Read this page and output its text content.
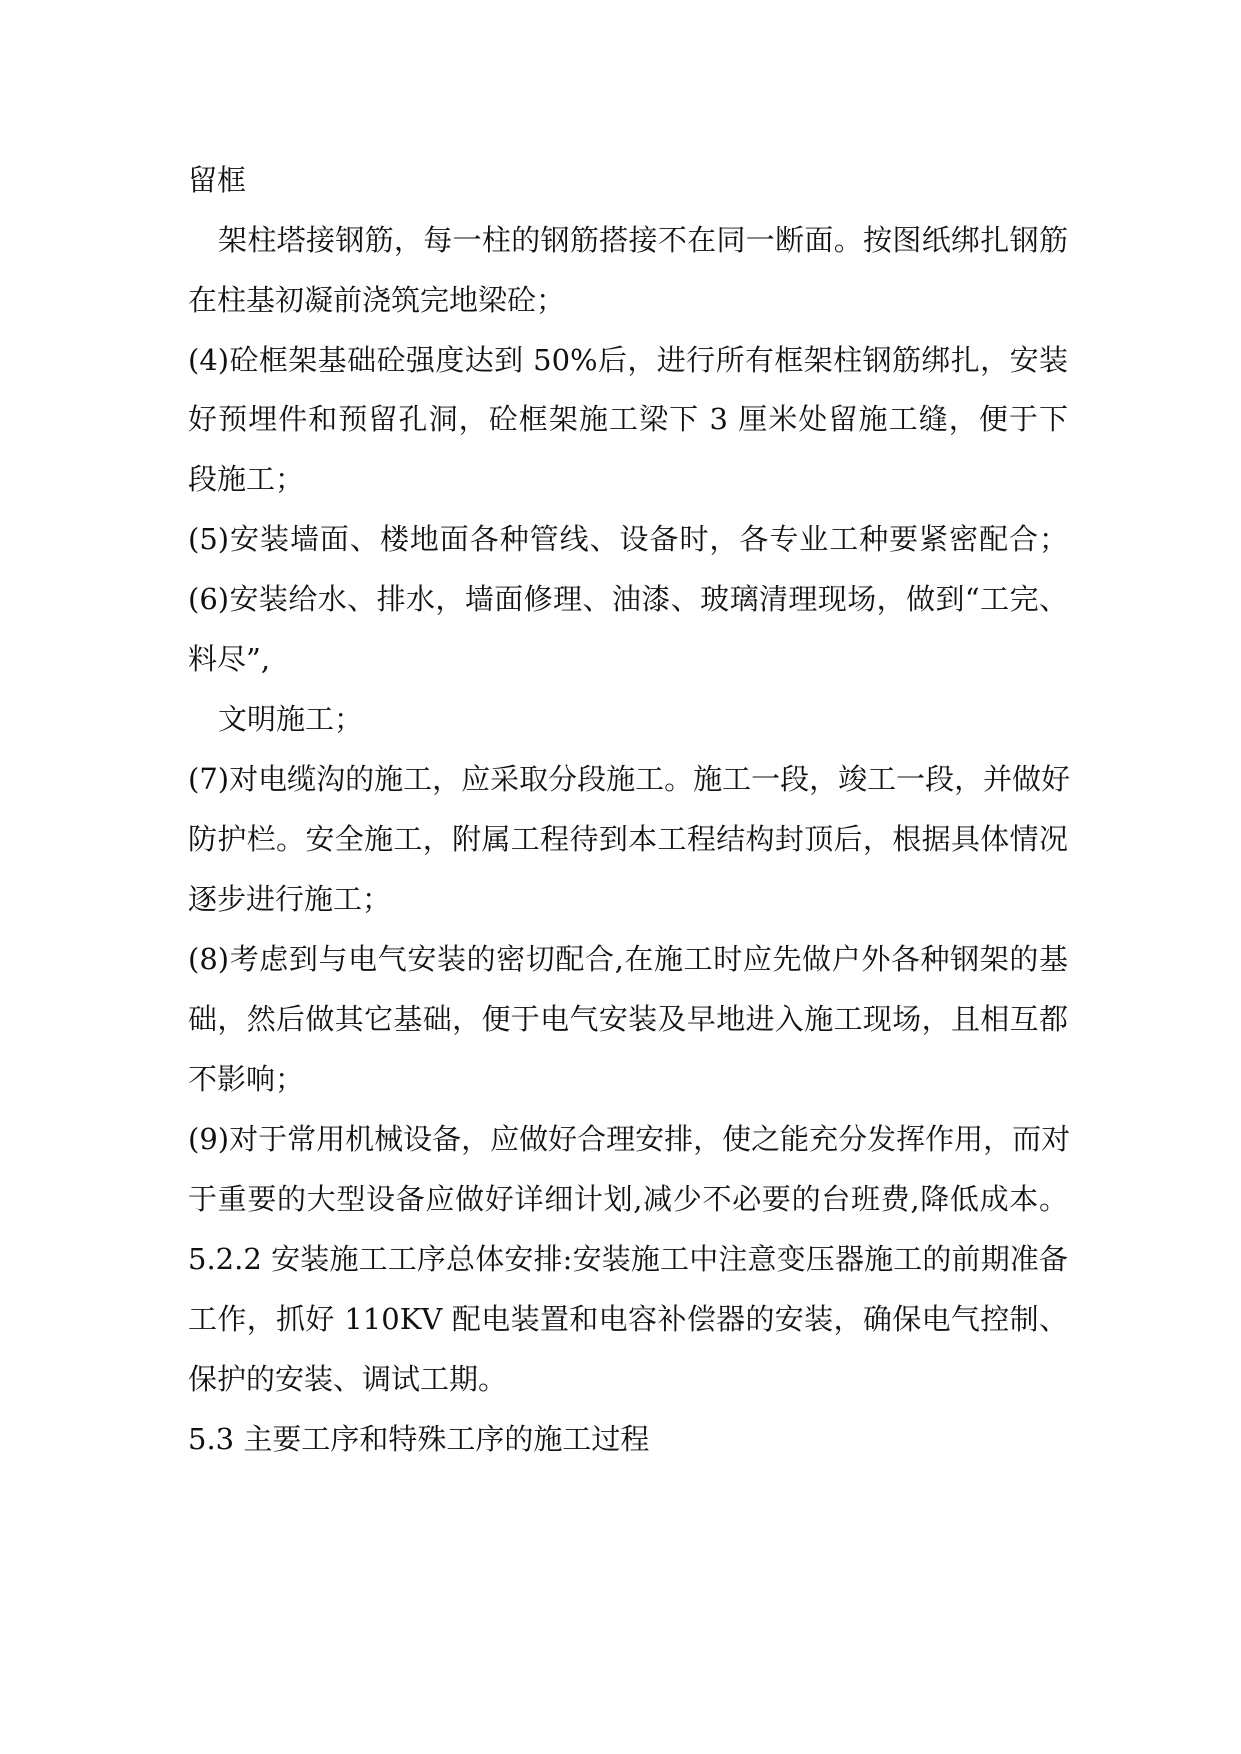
留框
架柱塔接钢筋，每一柱的钢筋搭接不在同一断面。按图纸绑扎钢筋
在柱基初凝前浇筑完地梁砼；
(4)砼框架基础砼强度达到 50%后，进行所有框架柱钢筋绑扎，安装
好预埋件和预留孔洞，砼框架施工梁下 3 厘米处留施工缝，便于下
段施工；
(5)安装墙面、楼地面各种管线、设备时，各专业工种要紧密配合；
(6)安装给水、排水，墙面修理、油漆、玻璃清理现场，做到“工完、
料尽”,
文明施工；
(7)对电缆沟的施工，应采取分段施工。施工一段，竣工一段，并做好
防护栏。安全施工，附属工程待到本工程结构封顶后，根据具体情况
逐步进行施工；
(8)考虑到与电气安装的密切配合,在施工时应先做户外各种钢架的基
础，然后做其它基础，便于电气安装及早地进入施工现场，且相互都
不影响；
(9)对于常用机械设备，应做好合理安排，使之能充分发挥作用，而对
于重要的大型设备应做好详细计划,减少不必要的台班费,降低成本。
5.2.2 安装施工工序总体安排:安装施工中注意变压器施工的前期准备
工作，抓好 110KV 配电装置和电容补偿器的安装，确保电气控制、
保护的安装、调试工期。
5.3 主要工序和特殊工序的施工过程
